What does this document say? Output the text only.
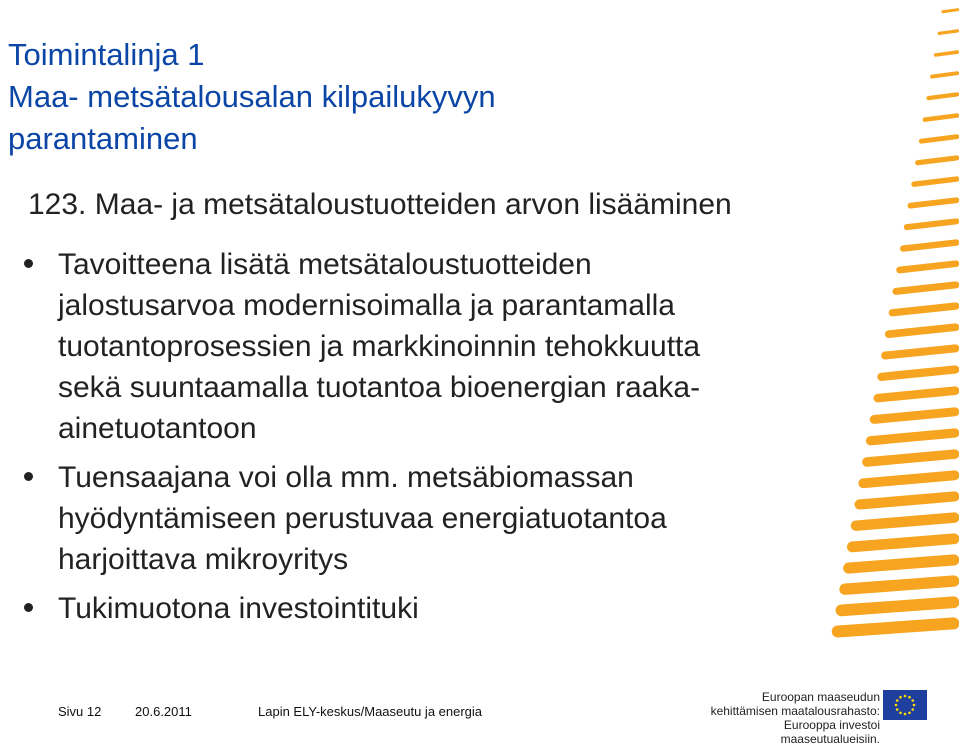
Toimintalinja 1
Maa- metsätalousalan kilpailukyvyn
parantaminen
123. Maa- ja metsätaloustuotteiden arvon lisääminen
Tavoitteena lisätä metsätaloustuotteiden
jalostusarvoa modernisoimalla ja parantamalla
tuotantoprosessien ja markkinoinnin tehokkuutta
sekä suuntaamalla tuotantoa bioenergian raaka-
ainetuotantoon
Tuensaajana voi olla mm. metsäbiomassan
hyödyntämiseen perustuvaa energiatuotantoa
harjoittava mikroyritys
Tukimuotona investointituki
Sivu 12	20.6.2011	Lapin ELY-keskus/Maaseutu ja energia
Euroopan maaseudun
kehittämisen maatalousrahasto:
Eurooppa investoi maaseutualueisiin.
